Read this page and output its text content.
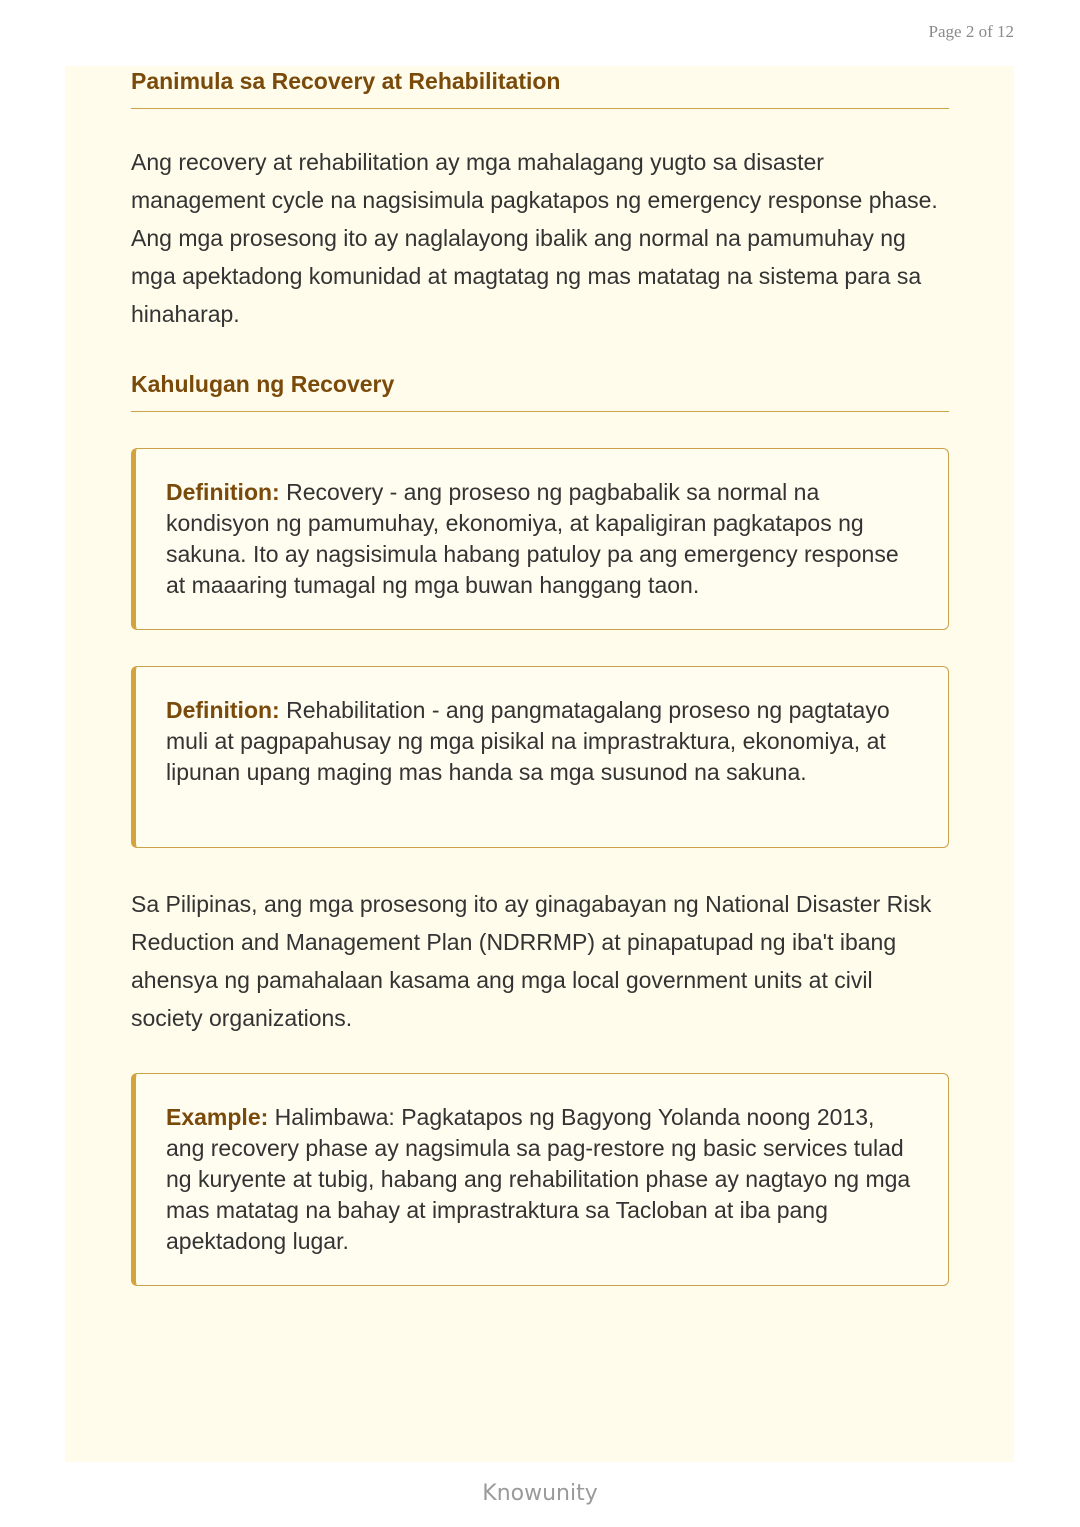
Page 2 of 12
Panimula sa Recovery at Rehabilitation

Ang recovery at rehabilitation ay mga mahalagang yugto sa disaster management cycle na nagsisimula pagkatapos ng emergency response phase. Ang mga prosesong ito ay naglalayong ibalik ang normal na pamumuhay ng mga apektadong komunidad at magtatag ng mas matatag na sistema para sa hinaharap.

Kahulugan ng Recovery
Definition: Recovery - ang proseso ng pagbabalik sa normal na kondisyon ng pamumuhay, ekonomiya, at kapaligiran pagkatapos ng sakuna. Ito ay nagsisimula habang patuloy pa ang emergency response at maaaring tumagal ng mga buwan hanggang taon.
Definition: Rehabilitation - ang pangmatagalang proseso ng pagtatayo muli at pagpapahusay ng mga pisikal na imprastraktura, ekonomiya, at lipunan upang maging mas handa sa mga susunod na sakuna.

Sa Pilipinas, ang mga prosesong ito ay ginagabayan ng National Disaster Risk Reduction and Management Plan (NDRRMP) at pinapatupad ng iba't ibang ahensya ng pamahalaan kasama ang mga local government units at civil society organizations.

Example: Halimbawa: Pagkatapos ng Bagyong Yolanda noong 2013, ang recovery phase ay nagsimula sa pag-restore ng basic services tulad ng kuryente at tubig, habang ang rehabilitation phase ay nagtayo ng mga mas matatag na bahay at imprastraktura sa Tacloban at iba pang apektadong lugar.
Knowunity
